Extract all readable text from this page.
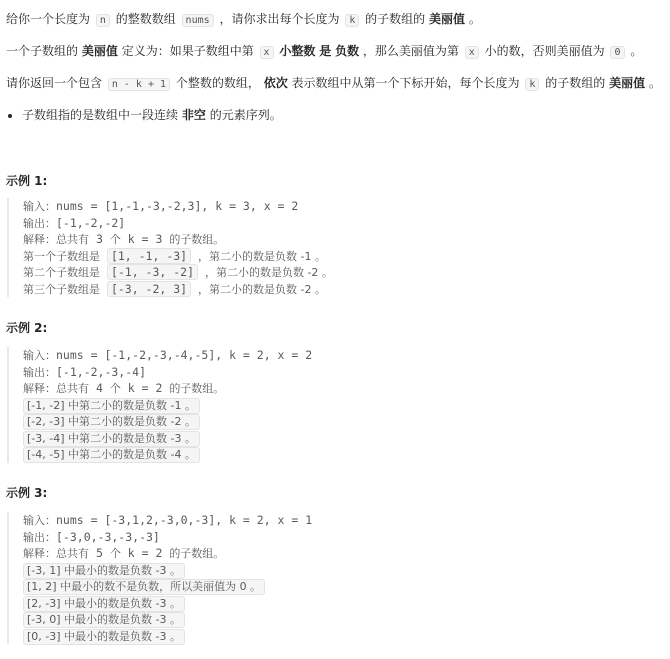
给你一个长度为 n 的整数数组 nums ，请你求出每个长度为 k 的子数组的 美丽值 。
一个子数组的 美丽值 定义为：如果子数组中第 x 小整数 是 负数 ，那么美丽值为第 x 小的数，否则美丽值为 0 。
请你返回一个包含 n - k + 1 个整数的数组， 依次 表示数组中从第一个下标开始，每个长度为 k 的子数组的 美丽值 。
子数组指的是数组中一段连续 非空 的元素序列。
示例 1:
输入：nums = [1,-1,-3,-2,3], k = 3, x = 2
输出：[-1,-2,-2]
解释：总共有 3 个 k = 3 的子数组。
第一个子数组是 [1, -1, -3] ，第二小的数是负数 -1 。
第二个子数组是 [-1, -3, -2] ，第二小的数是负数 -2 。
第三个子数组是 [-3, -2, 3] ，第二小的数是负数 -2 。
示例 2:
输入：nums = [-1,-2,-3,-4,-5], k = 2, x = 2
输出：[-1,-2,-3,-4]
解释：总共有 4 个 k = 2 的子数组。
[-1, -2] 中第二小的数是负数 -1 。
[-2, -3] 中第二小的数是负数 -2 。
[-3, -4] 中第二小的数是负数 -3 。
[-4, -5] 中第二小的数是负数 -4 。
示例 3:
输入：nums = [-3,1,2,-3,0,-3], k = 2, x = 1
输出：[-3,0,-3,-3,-3]
解释：总共有 5 个 k = 2 的子数组。
[-3, 1] 中最小的数是负数 -3 。
[1, 2] 中最小的数不是负数，所以美丽值为 0 。
[2, -3] 中最小的数是负数 -3 。
[-3, 0] 中最小的数是负数 -3 。
[0, -3] 中最小的数是负数 -3 。
